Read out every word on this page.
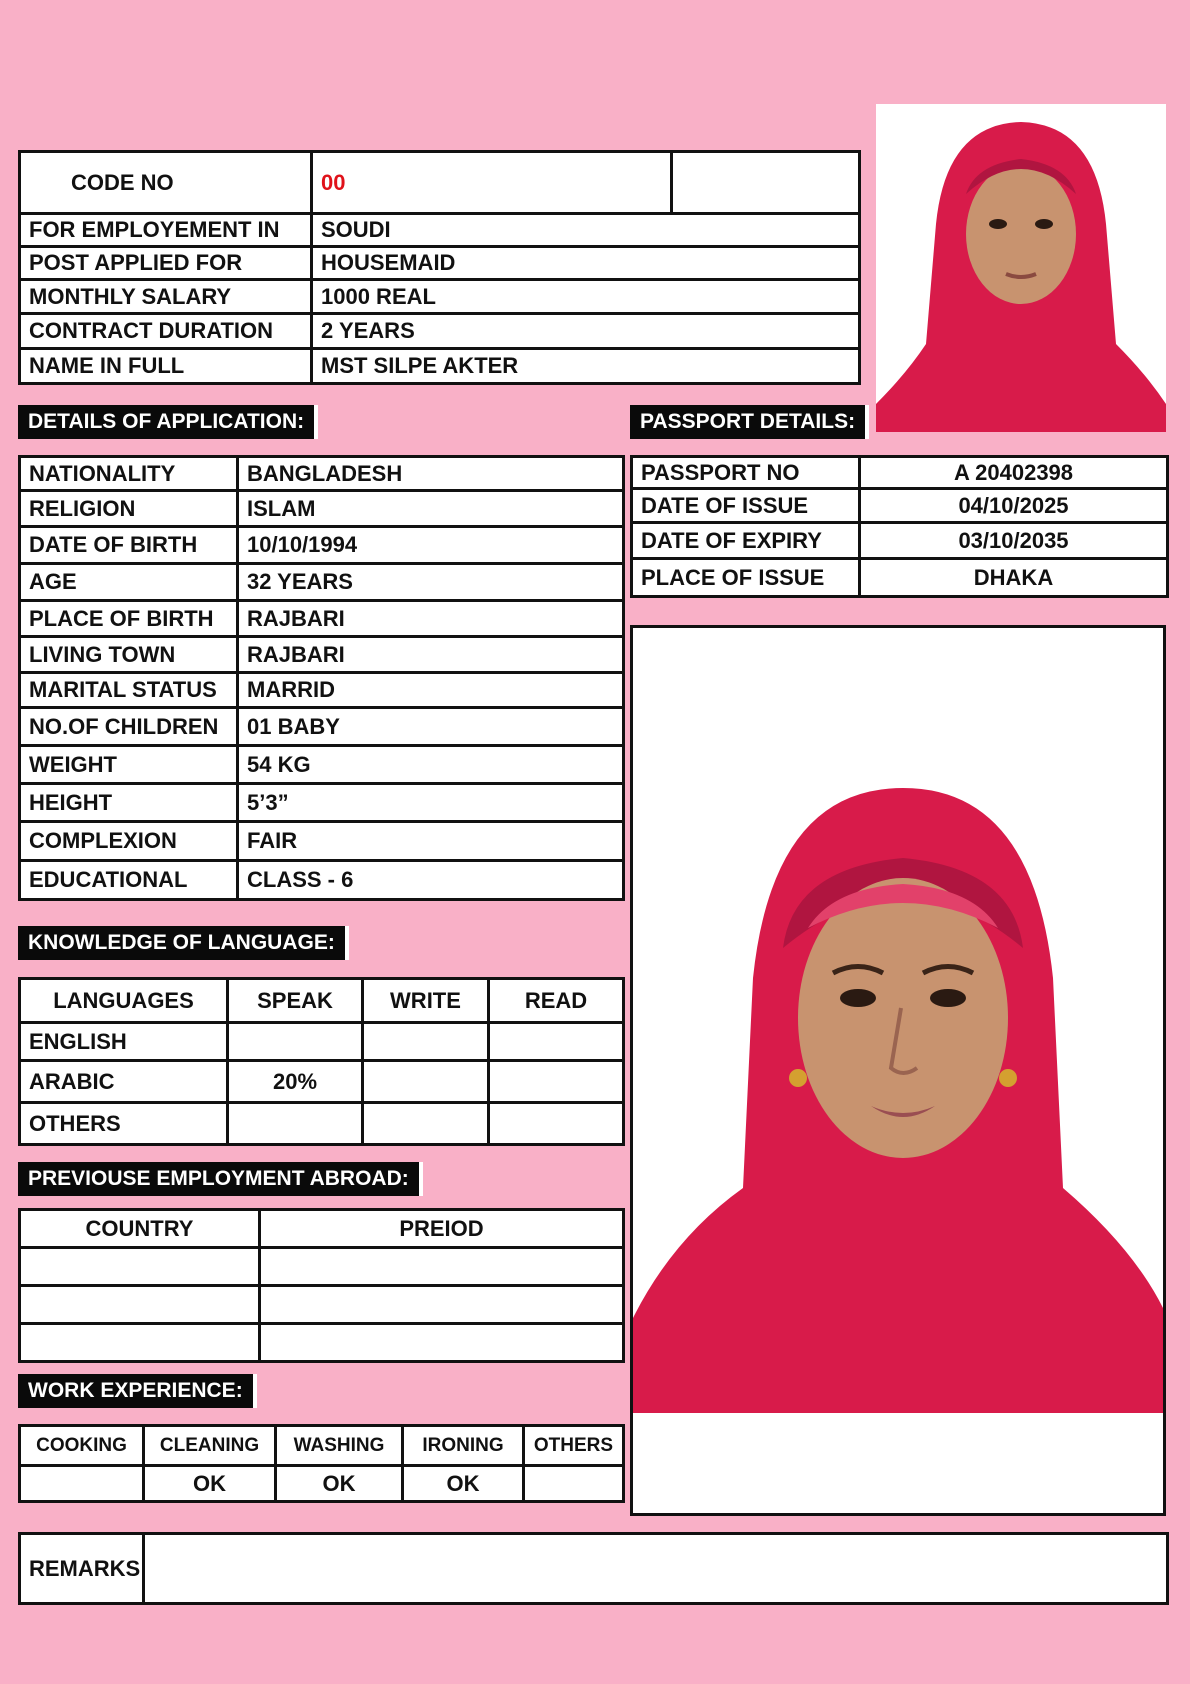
CODE NO	00	
FOR EMPLOYEMENT IN	SOUDI	
POST APPLIED FOR	HOUSEMAID	
MONTHLY SALARY	1000 REAL	
CONTRACT DURATION	2 YEARS	
NAME IN FULL	MST SILPE AKTER	
DETAILS OF APPLICATION:	PASSPORT DETAILS:
NATIONALITY	BANGLADESH
RELIGION	ISLAM
DATE OF BIRTH	10/10/1994
AGE	32 YEARS
PLACE OF BIRTH	RAJBARI
LIVING TOWN	RAJBARI
MARITAL STATUS	MARRID
NO.OF CHILDREN	01 BABY
WEIGHT	54 KG
HEIGHT	5’3”
COMPLEXION	FAIR
EDUCATIONAL	CLASS - 6
PASSPORT NO	A 20402398
DATE OF ISSUE	04/10/2025
DATE OF EXPIRY	03/10/2035
PLACE OF ISSUE	DHAKA
KNOWLEDGE OF LANGUAGE:
LANGUAGES	SPEAK	WRITE	READ
ENGLISH			
ARABIC	20%		
OTHERS			
PREVIOUSE EMPLOYMENT ABROAD:
COUNTRY	PREIOD

WORK EXPERIENCE:
COOKING	CLEANING	WASHING	IRONING	OTHERS
	OK	OK	OK	
REMARKS	
